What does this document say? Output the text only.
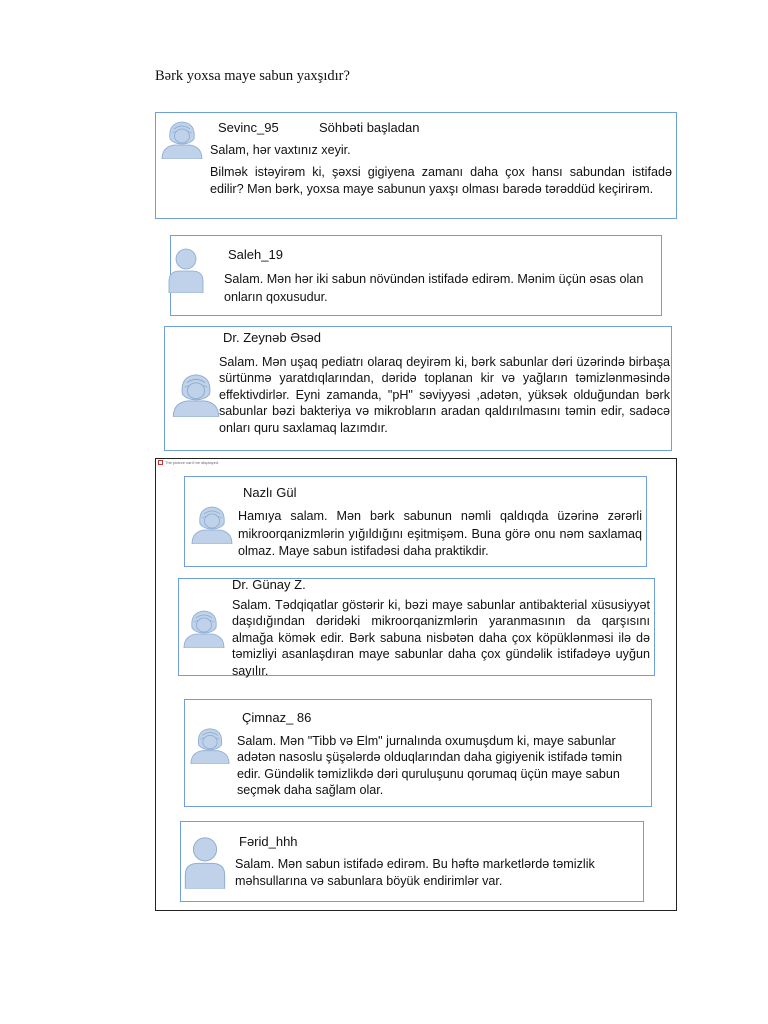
Bərk yoxsa maye sabun yaxşıdır?
Sevinc_95	Söhbəti başladan

Salam, hər vaxtınız xeyir.

Bilmək istəyirəm ki, şəxsi gigiyena zamanı daha çox hansı sabundan istifadə edilir? Mən bərk, yoxsa maye sabunun yaxşı olması barədə tərəddüd keçirirəm.

Saleh_19

Salam. Mən hər iki sabun növündən istifadə edirəm. Mənim üçün əsas olan onların qoxusudur.

Dr. Zeynəb Əsəd

Salam. Mən uşaq pediatrı olaraq deyirəm ki, bərk sabunlar dəri üzərində birbaşa sürtünmə yaratdıqlarından, dəridə toplanan kir və yağların təmizlənməsində effektivdirlər. Eyni zamanda, "pH" səviyyəsi ,adətən, yüksək olduğundan bərk sabunlar bəzi bakteriya və mikrobların aradan qaldırılmasını təmin edir, sadəcə onları quru saxlamaq lazımdır.

The picture can't be displayed.
Nazlı Gül

Hamıya salam. Mən bərk sabunun nəmli qaldıqda üzərinə zərərli mikroorqanizmlərin yığıldığını eşitmişəm. Buna görə onu nəm saxlamaq olmaz. Maye sabun istifadəsi daha praktikdir.

Dr. Günay Z.

Salam. Tədqiqatlar göstərir ki, bəzi maye sabunlar antibakterial xüsusiyyət daşıdığından dəridəki mikroorqanizmlərin yaranmasının da qarşısını almağa kömək edir. Bərk sabuna nisbətən daha çox köpüklənməsi ilə də təmizliyi asanlaşdıran maye sabunlar daha çox gündəlik istifadəyə uyğun sayılır.

Çimnaz_ 86

Salam. Mən "Tibb və Elm" jurnalında oxumuşdum ki, maye sabunlar adətən nasoslu şüşələrdə olduqlarından daha gigiyenik istifadə təmin edir. Gündəlik təmizlikdə dəri quruluşunu qorumaq üçün maye sabun seçmək daha sağlam olar.

Fərid_hhh

Salam. Mən sabun istifadə edirəm. Bu həftə marketlərdə təmizlik məhsullarına və sabunlara böyük endirimlər var.
